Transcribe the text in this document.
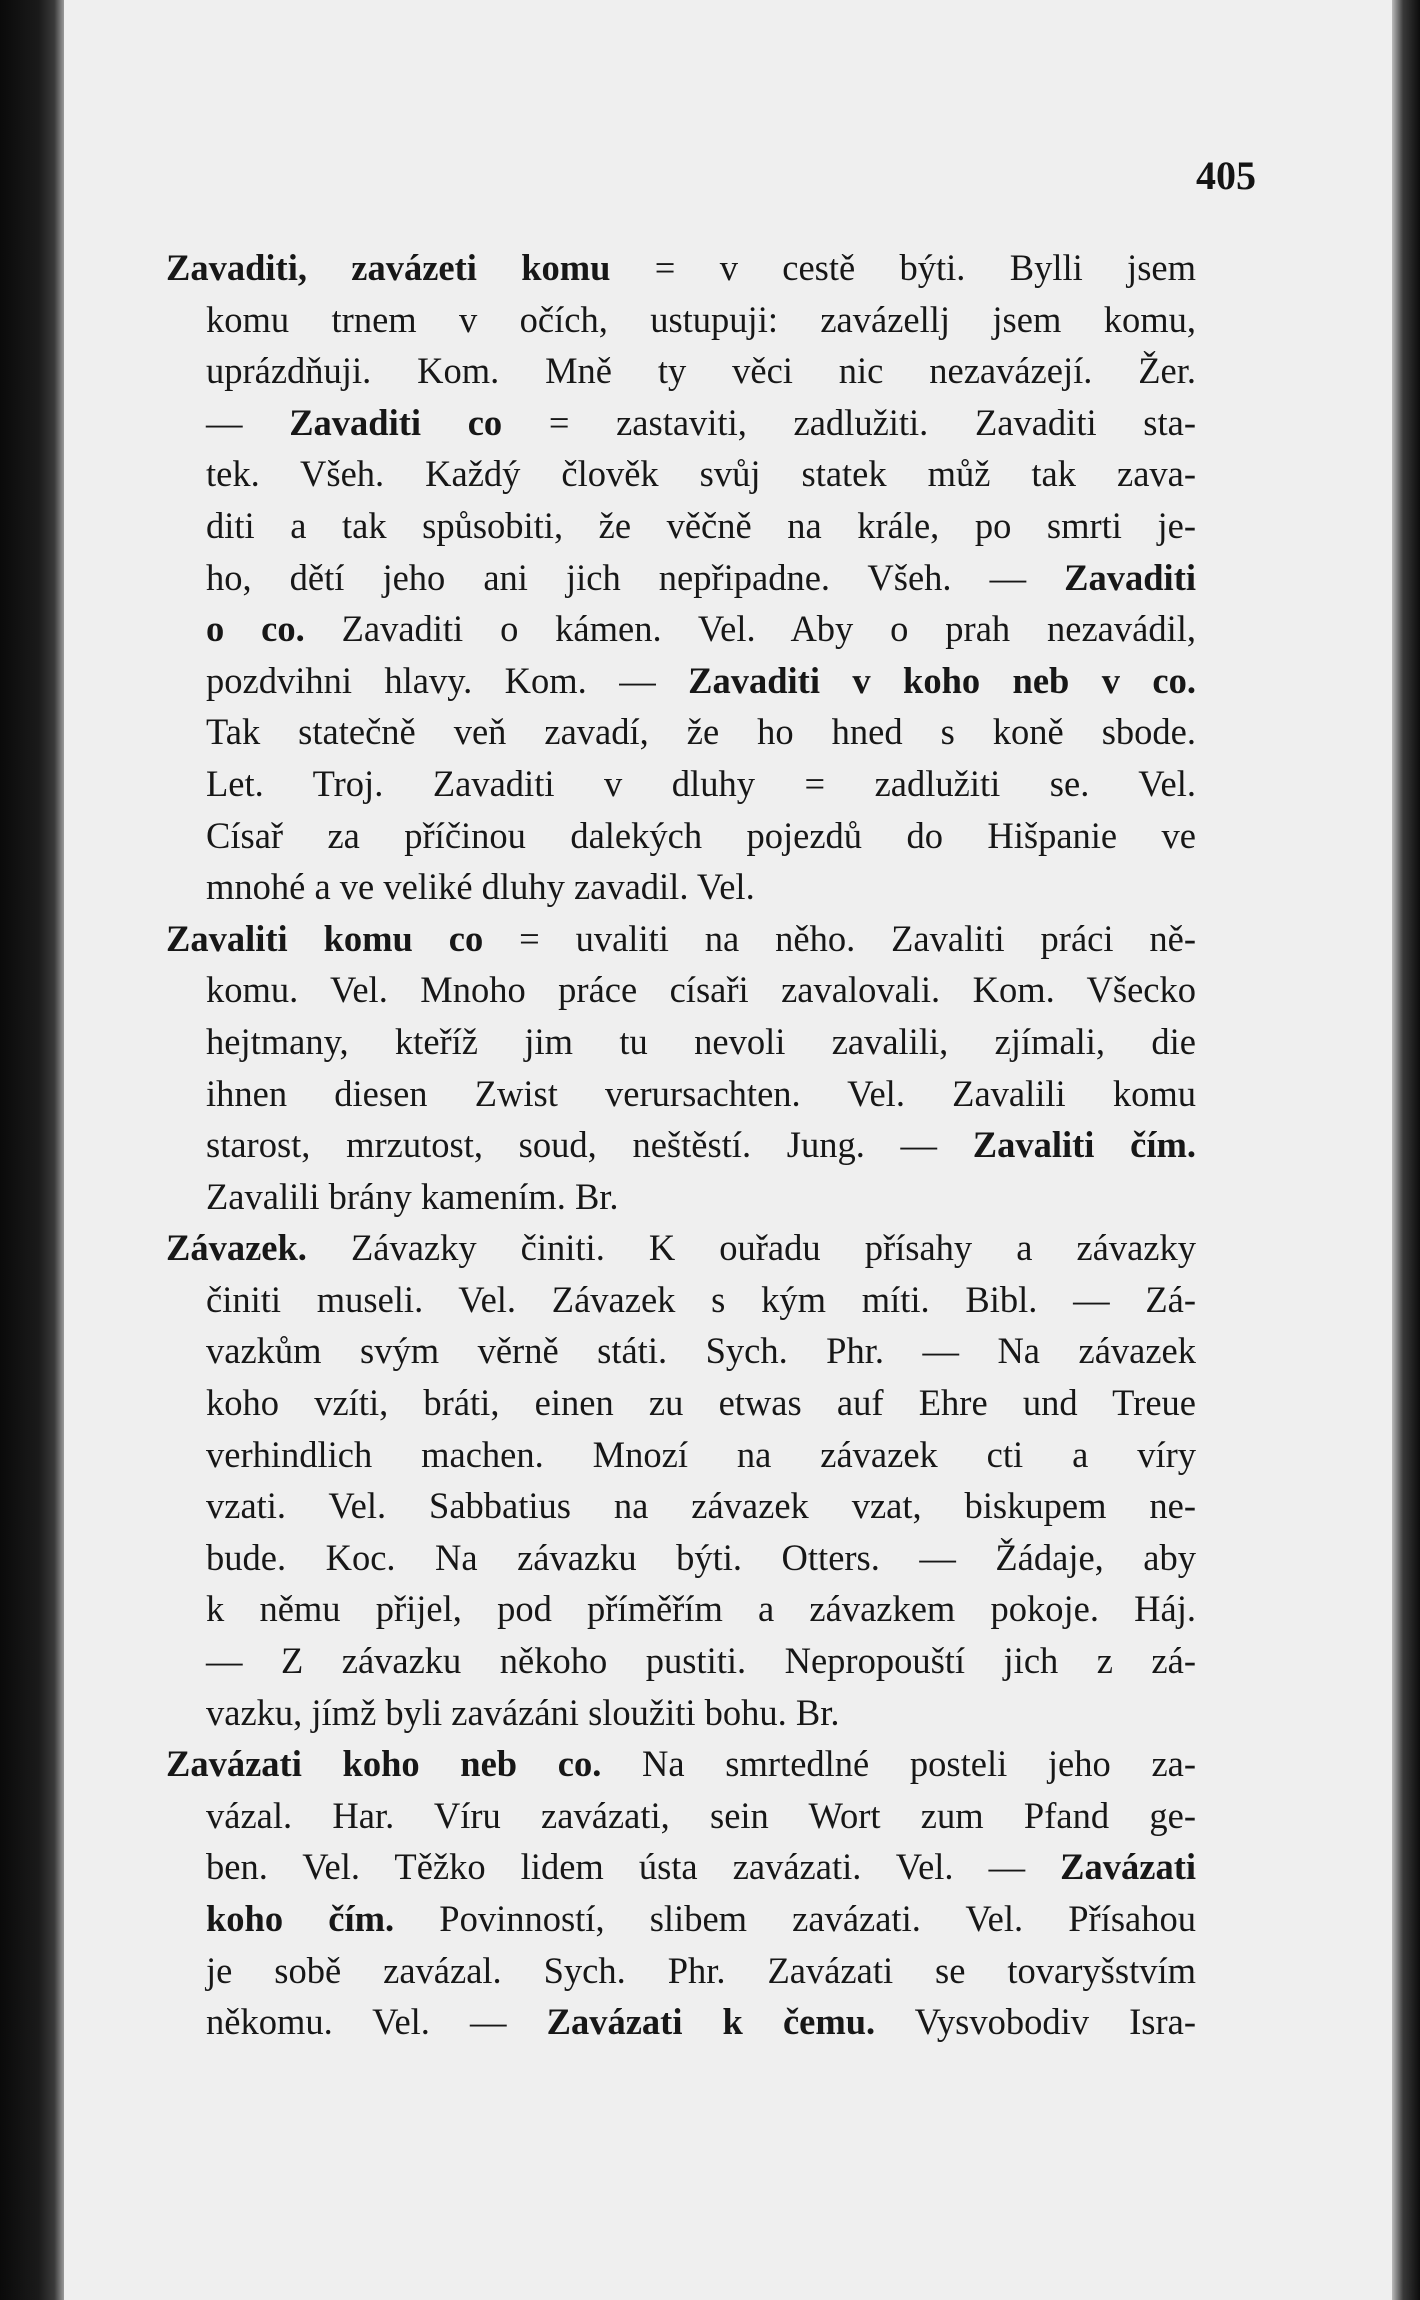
405
Zavaditi, zavázeti komu = v cestě býti. Bylli jsem
komu trnem v očích, ustupuji: zavázellj jsem komu,
uprázdňuji. Kom. Mně ty věci nic nezavázejí. Žer.
— Zavaditi co = zastaviti, zadlužiti. Zavaditi sta-
tek. Všeh. Každý člověk svůj statek můž tak zava-
diti a tak spůsobiti, že věčně na krále, po smrti je-
ho, dětí jeho ani jich nepřipadne. Všeh. — Zavaditi
o co. Zavaditi o kámen. Vel. Aby o prah nezavádil,
pozdvihni hlavy. Kom. — Zavaditi v koho neb v co.
Tak statečně veň zavadí, že ho hned s koně sbode.
Let. Troj. Zavaditi v dluhy = zadlužiti se. Vel.
Císař za příčinou dalekých pojezdů do Hišpanie ve
mnohé a ve veliké dluhy zavadil. Vel.
Zavaliti komu co = uvaliti na něho. Zavaliti práci ně-
komu. Vel. Mnoho práce císaři zavalovali. Kom. Všecko
hejtmany, kteříž jim tu nevoli zavalili, zjímali, die
ihnen diesen Zwist verursachten. Vel. Zavalili komu
starost, mrzutost, soud, neštěstí. Jung. — Zavaliti čím.
Zavalili brány kamením. Br.
Závazek. Závazky činiti. K ouřadu přísahy a závazky
činiti museli. Vel. Závazek s kým míti. Bibl. — Zá-
vazkům svým věrně státi. Sych. Phr. — Na závazek
koho vzíti, bráti, einen zu etwas auf Ehre und Treue
verhindlich machen. Mnozí na závazek cti a víry
vzati. Vel. Sabbatius na závazek vzat, biskupem ne-
bude. Koc. Na závazku býti. Otters. — Žádaje, aby
k němu přijel, pod příměřím a závazkem pokoje. Háj.
— Z závazku někoho pustiti. Nepropouští jich z zá-
vazku, jímž byli zavázáni sloužiti bohu. Br.
Zavázati koho neb co. Na smrtedlné posteli jeho za-
vázal. Har. Víru zavázati, sein Wort zum Pfand ge-
ben. Vel. Těžko lidem ústa zavázati. Vel. — Zavázati
koho čím. Povinností, slibem zavázati. Vel. Přísahou
je sobě zavázal. Sych. Phr. Zavázati se tovaryšstvím
někomu. Vel. — Zavázati k čemu. Vysvobodiv Isra-
